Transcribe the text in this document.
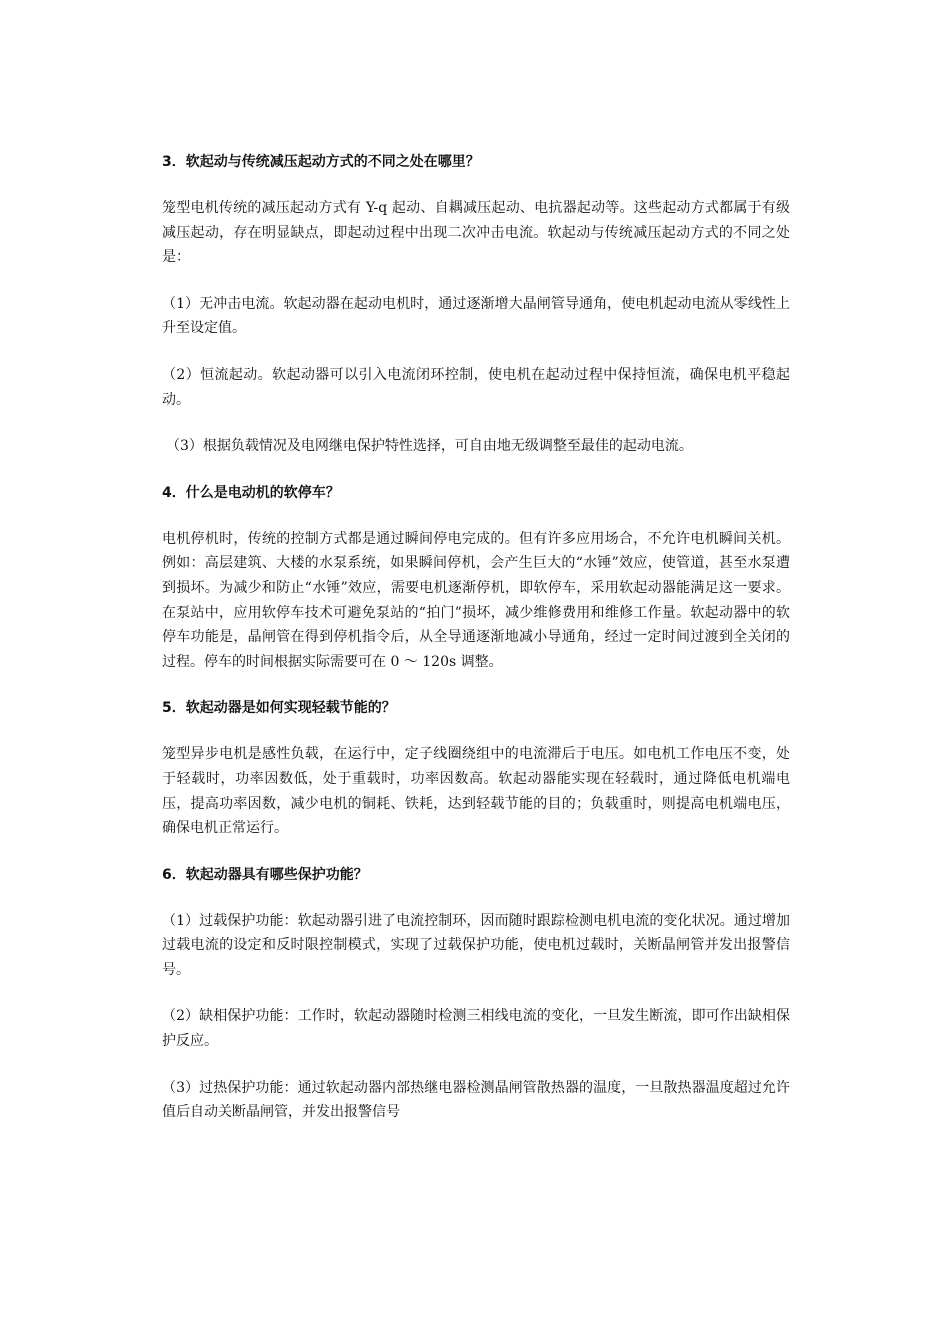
3．软起动与传统减压起动方式的不同之处在哪里？

笼型电机传统的减压起动方式有 Y-q 起动、自耦减压起动、电抗器起动等。这些起动方式都属于有级减压起动，存在明显缺点，即起动过程中出现二次冲击电流。软起动与传统减压起动方式的不同之处是：

（1）无冲击电流。软起动器在起动电机时，通过逐渐增大晶闸管导通角，使电机起动电流从零线性上升至设定值。

（2）恒流起动。软起动器可以引入电流闭环控制，使电机在起动过程中保持恒流，确保电机平稳起动。

（3）根据负载情况及电网继电保护特性选择，可自由地无级调整至最佳的起动电流。

4．什么是电动机的软停车？

电机停机时，传统的控制方式都是通过瞬间停电完成的。但有许多应用场合，不允许电机瞬间关机。例如：高层建筑、大楼的水泵系统，如果瞬间停机，会产生巨大的“水锤”效应，使管道，甚至水泵遭到损坏。为减少和防止“水锤”效应，需要电机逐渐停机，即软停车，采用软起动器能满足这一要求。在泵站中，应用软停车技术可避免泵站的“拍门”损坏，减少维修费用和维修工作量。软起动器中的软停车功能是，晶闸管在得到停机指令后，从全导通逐渐地减小导通角，经过一定时间过渡到全关闭的过程。停车的时间根据实际需要可在 0 ～ 120s 调整。

5．软起动器是如何实现轻载节能的？

笼型异步电机是感性负载，在运行中，定子线圈绕组中的电流滞后于电压。如电机工作电压不变，处于轻载时，功率因数低，处于重载时，功率因数高。软起动器能实现在轻载时，通过降低电机端电压，提高功率因数，减少电机的铜耗、铁耗，达到轻载节能的目的；负载重时，则提高电机端电压，确保电机正常运行。

6．软起动器具有哪些保护功能？

（1）过载保护功能：软起动器引进了电流控制环，因而随时跟踪检测电机电流的变化状况。通过增加过载电流的设定和反时限控制模式，实现了过载保护功能，使电机过载时，关断晶闸管并发出报警信号。

（2）缺相保护功能：工作时，软起动器随时检测三相线电流的变化，一旦发生断流，即可作出缺相保护反应。

（3）过热保护功能：通过软起动器内部热继电器检测晶闸管散热器的温度，一旦散热器温度超过允许值后自动关断晶闸管，并发出报警信号
